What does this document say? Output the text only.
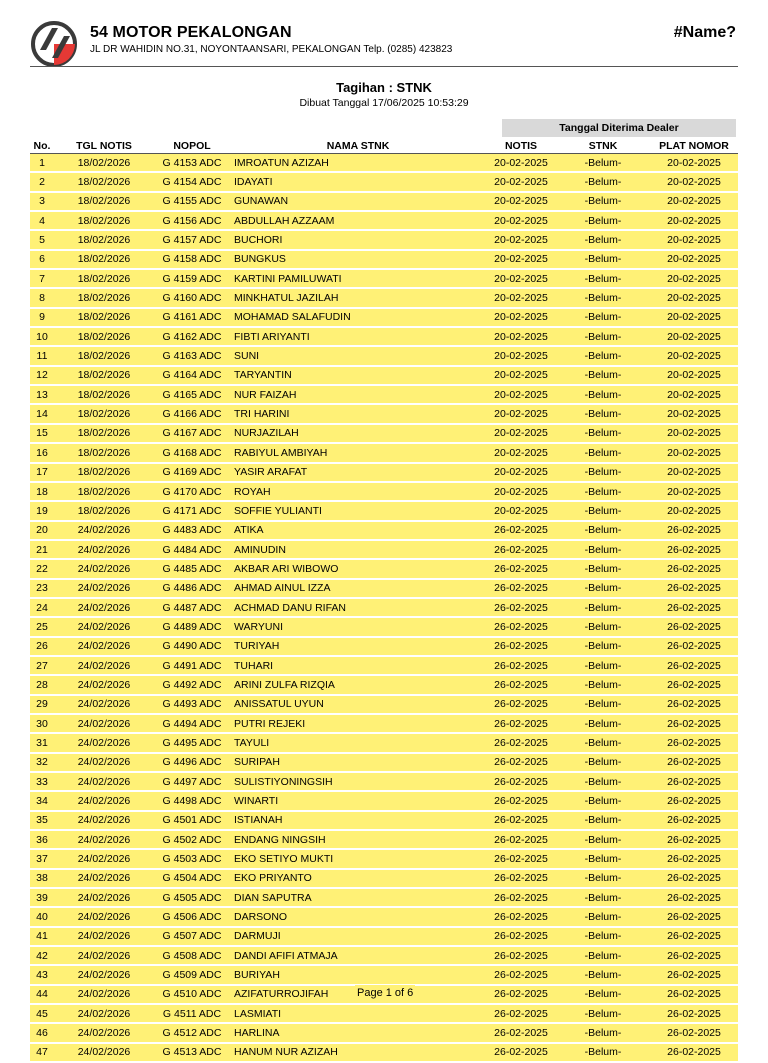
54 MOTOR PEKALONGAN
JL DR WAHIDIN NO.31, NOYONTAANSARI, PEKALONGAN Telp. (0285) 423823
#Name?
Tagihan : STNK
Dibuat Tanggal 17/06/2025 10:53:29
Tanggal Diterima Dealer
No.	TGL NOTIS	NOPOL	NAMA STNK	NOTIS	STNK	PLAT NOMOR
1	18/02/2026	G 4153 ADC	IMROATUN AZIZAH	20-02-2025	-Belum-	20-02-2025
2	18/02/2026	G 4154 ADC	IDAYATI	20-02-2025	-Belum-	20-02-2025
3	18/02/2026	G 4155 ADC	GUNAWAN	20-02-2025	-Belum-	20-02-2025
4	18/02/2026	G 4156 ADC	ABDULLAH AZZAAM	20-02-2025	-Belum-	20-02-2025
5	18/02/2026	G 4157 ADC	BUCHORI	20-02-2025	-Belum-	20-02-2025
6	18/02/2026	G 4158 ADC	BUNGKUS	20-02-2025	-Belum-	20-02-2025
7	18/02/2026	G 4159 ADC	KARTINI PAMILUWATI	20-02-2025	-Belum-	20-02-2025
8	18/02/2026	G 4160 ADC	MINKHATUL JAZILAH	20-02-2025	-Belum-	20-02-2025
9	18/02/2026	G 4161 ADC	MOHAMAD SALAFUDIN	20-02-2025	-Belum-	20-02-2025
10	18/02/2026	G 4162 ADC	FIBTI ARIYANTI	20-02-2025	-Belum-	20-02-2025
11	18/02/2026	G 4163 ADC	SUNI	20-02-2025	-Belum-	20-02-2025
12	18/02/2026	G 4164 ADC	TARYANTIN	20-02-2025	-Belum-	20-02-2025
13	18/02/2026	G 4165 ADC	NUR FAIZAH	20-02-2025	-Belum-	20-02-2025
14	18/02/2026	G 4166 ADC	TRI HARINI	20-02-2025	-Belum-	20-02-2025
15	18/02/2026	G 4167 ADC	NURJAZILAH	20-02-2025	-Belum-	20-02-2025
16	18/02/2026	G 4168 ADC	RABIYUL AMBIYAH	20-02-2025	-Belum-	20-02-2025
17	18/02/2026	G 4169 ADC	YASIR ARAFAT	20-02-2025	-Belum-	20-02-2025
18	18/02/2026	G 4170 ADC	ROYAH	20-02-2025	-Belum-	20-02-2025
19	18/02/2026	G 4171 ADC	SOFFIE YULIANTI	20-02-2025	-Belum-	20-02-2025
20	24/02/2026	G 4483 ADC	ATIKA	26-02-2025	-Belum-	26-02-2025
21	24/02/2026	G 4484 ADC	AMINUDIN	26-02-2025	-Belum-	26-02-2025
22	24/02/2026	G 4485 ADC	AKBAR ARI WIBOWO	26-02-2025	-Belum-	26-02-2025
23	24/02/2026	G 4486 ADC	AHMAD AINUL IZZA	26-02-2025	-Belum-	26-02-2025
24	24/02/2026	G 4487 ADC	ACHMAD DANU RIFAN	26-02-2025	-Belum-	26-02-2025
25	24/02/2026	G 4489 ADC	WARYUNI	26-02-2025	-Belum-	26-02-2025
26	24/02/2026	G 4490 ADC	TURIYAH	26-02-2025	-Belum-	26-02-2025
27	24/02/2026	G 4491 ADC	TUHARI	26-02-2025	-Belum-	26-02-2025
28	24/02/2026	G 4492 ADC	ARINI ZULFA RIZQIA	26-02-2025	-Belum-	26-02-2025
29	24/02/2026	G 4493 ADC	ANISSATUL UYUN	26-02-2025	-Belum-	26-02-2025
30	24/02/2026	G 4494 ADC	PUTRI REJEKI	26-02-2025	-Belum-	26-02-2025
31	24/02/2026	G 4495 ADC	TAYULI	26-02-2025	-Belum-	26-02-2025
32	24/02/2026	G 4496 ADC	SURIPAH	26-02-2025	-Belum-	26-02-2025
33	24/02/2026	G 4497 ADC	SULISTIYONINGSIH	26-02-2025	-Belum-	26-02-2025
34	24/02/2026	G 4498 ADC	WINARTI	26-02-2025	-Belum-	26-02-2025
35	24/02/2026	G 4501 ADC	ISTIANAH	26-02-2025	-Belum-	26-02-2025
36	24/02/2026	G 4502 ADC	ENDANG NINGSIH	26-02-2025	-Belum-	26-02-2025
37	24/02/2026	G 4503 ADC	EKO SETIYO MUKTI	26-02-2025	-Belum-	26-02-2025
38	24/02/2026	G 4504 ADC	EKO PRIYANTO	26-02-2025	-Belum-	26-02-2025
39	24/02/2026	G 4505 ADC	DIAN SAPUTRA	26-02-2025	-Belum-	26-02-2025
40	24/02/2026	G 4506 ADC	DARSONO	26-02-2025	-Belum-	26-02-2025
41	24/02/2026	G 4507 ADC	DARMUJI	26-02-2025	-Belum-	26-02-2025
42	24/02/2026	G 4508 ADC	DANDI AFIFI ATMAJA	26-02-2025	-Belum-	26-02-2025
43	24/02/2026	G 4509 ADC	BURIYAH	26-02-2025	-Belum-	26-02-2025
44	24/02/2026	G 4510 ADC	AZIFATURROJIFAH	26-02-2025	-Belum-	26-02-2025
45	24/02/2026	G 4511 ADC	LASMIATI	26-02-2025	-Belum-	26-02-2025
46	24/02/2026	G 4512 ADC	HARLINA	26-02-2025	-Belum-	26-02-2025
47	24/02/2026	G 4513 ADC	HANUM NUR AZIZAH	26-02-2025	-Belum-	26-02-2025
Page 1 of 6
